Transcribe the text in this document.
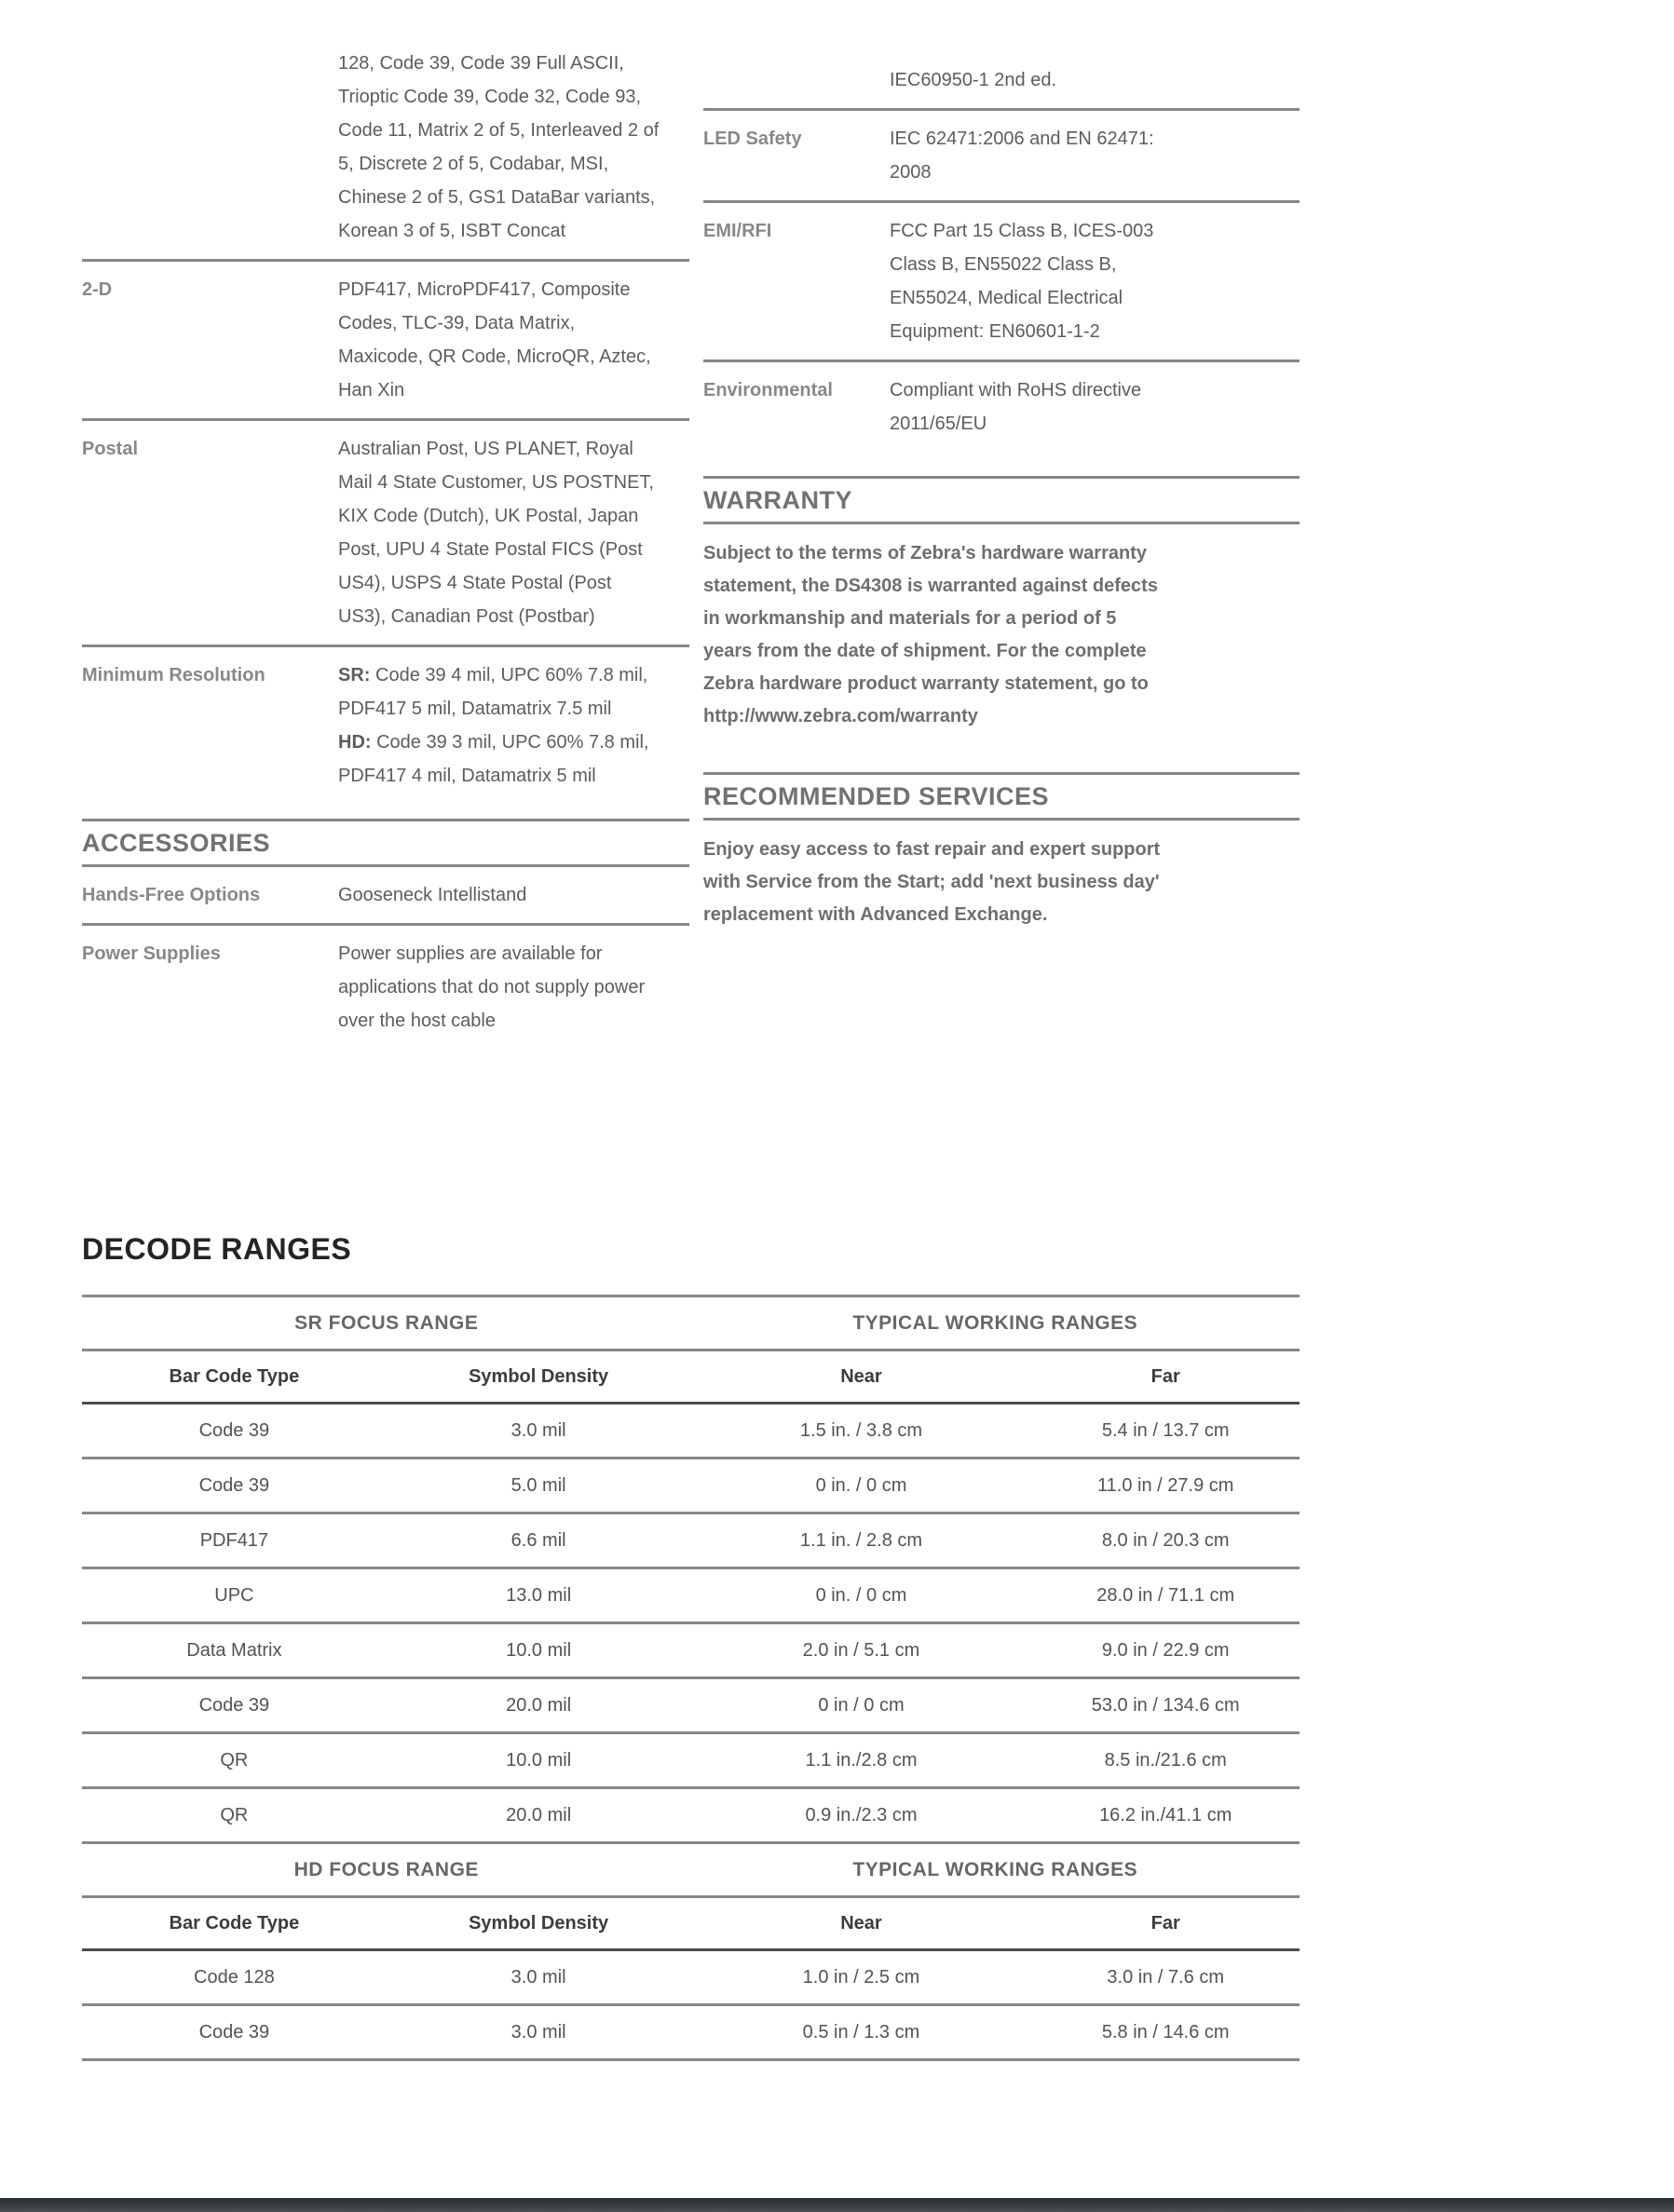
128, Code 39, Code 39 Full ASCII, Trioptic Code 39, Code 32, Code 93, Code 11, Matrix 2 of 5, Interleaved 2 of 5, Discrete 2 of 5, Codabar, MSI, Chinese 2 of 5, GS1 DataBar variants, Korean 3 of 5, ISBT Concat
2-D	PDF417, MicroPDF417, Composite Codes, TLC-39, Data Matrix, Maxicode, QR Code, MicroQR, Aztec, Han Xin
Postal	Australian Post, US PLANET, Royal Mail 4 State Customer, US POSTNET, KIX Code (Dutch), UK Postal, Japan Post, UPU 4 State Postal FICS (Post US4), USPS 4 State Postal (Post US3), Canadian Post (Postbar)
Minimum Resolution	SR: Code 39 4 mil, UPC 60% 7.8 mil, PDF417 5 mil, Datamatrix 7.5 mil
HD: Code 39 3 mil, UPC 60% 7.8 mil, PDF417 4 mil, Datamatrix 5 mil
ACCESSORIES
Hands-Free Options	Gooseneck Intellistand
Power Supplies	Power supplies are available for applications that do not supply power over the host cable
IEC60950-1 2nd ed.
LED Safety	IEC 62471:2006 and EN 62471: 2008
EMI/RFI	FCC Part 15 Class B, ICES-003 Class B, EN55022 Class B, EN55024, Medical Electrical Equipment: EN60601-1-2
Environmental	Compliant with RoHS directive 2011/65/EU
WARRANTY
Subject to the terms of Zebra's hardware warranty statement, the DS4308 is warranted against defects in workmanship and materials for a period of 5 years from the date of shipment. For the complete Zebra hardware product warranty statement, go to http://www.zebra.com/warranty
RECOMMENDED SERVICES
Enjoy easy access to fast repair and expert support with Service from the Start; add 'next business day' replacement with Advanced Exchange.
DECODE RANGES
SR FOCUS RANGE		TYPICAL WORKING RANGES	
Bar Code Type	Symbol Density	Near	Far
Code 39	3.0 mil	1.5 in. / 3.8 cm	5.4 in / 13.7 cm
Code 39	5.0 mil	0 in. / 0 cm	11.0 in / 27.9 cm
PDF417	6.6 mil	1.1 in. / 2.8 cm	8.0 in / 20.3 cm
UPC	13.0 mil	0 in. / 0 cm	28.0 in / 71.1 cm
Data Matrix	10.0 mil	2.0 in / 5.1 cm	9.0 in / 22.9 cm
Code 39	20.0 mil	0 in / 0 cm	53.0 in / 134.6 cm
QR	10.0 mil	1.1 in./2.8 cm	8.5 in./21.6 cm
QR	20.0 mil	0.9 in./2.3 cm	16.2 in./41.1 cm
HD FOCUS RANGE		TYPICAL WORKING RANGES	
Bar Code Type	Symbol Density	Near	Far
Code 128	3.0 mil	1.0 in / 2.5 cm	3.0 in / 7.6 cm
Code 39	3.0 mil	0.5 in / 1.3 cm	5.8 in / 14.6 cm
